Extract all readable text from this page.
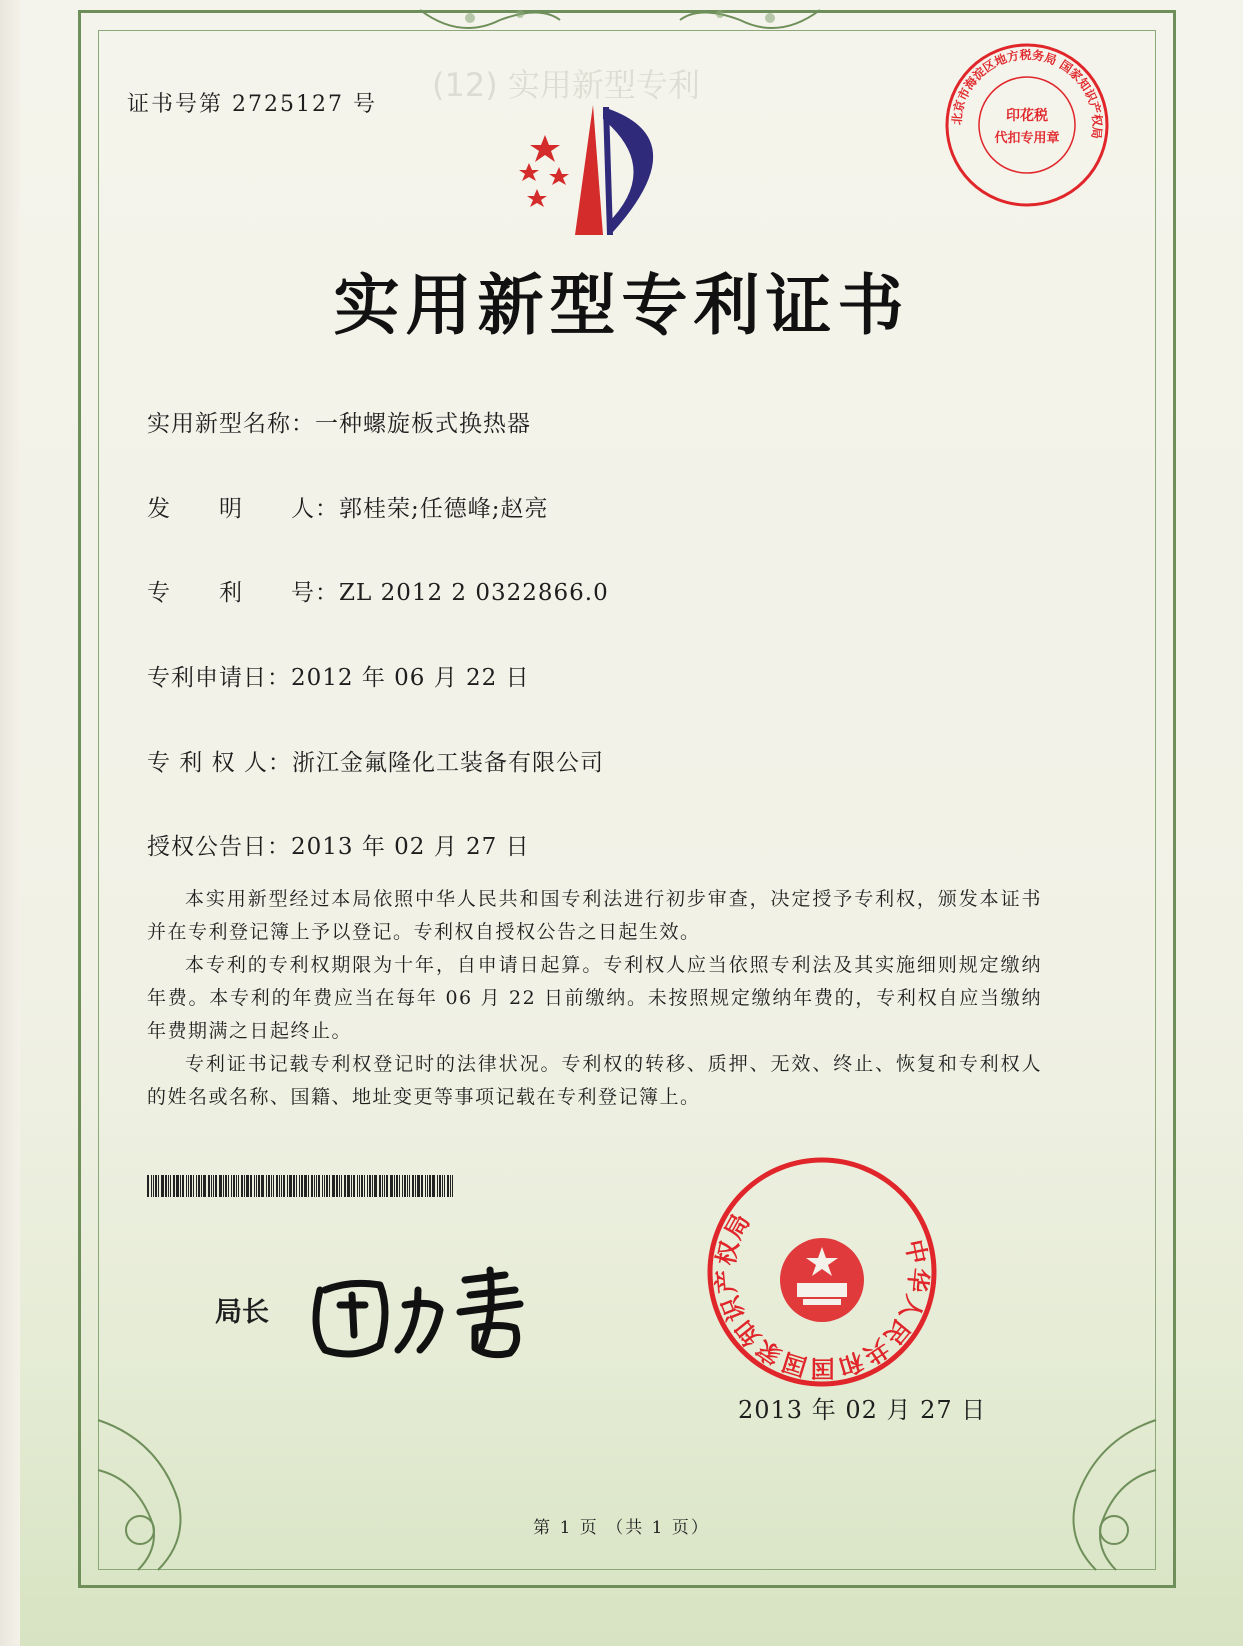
(12) 实用新型专利
证书号第 2725127 号
北京市海淀区地方税务局 国家知识产权局
印花税
代扣专用章
实用新型专利证书
实用新型名称：一种螺旋板式换热器
发　　明　　人：郭桂荣;任德峰;赵亮
专　　利　　号：ZL 2012 2 0322866.0
专利申请日：2012 年 06 月 22 日
专 利 权 人：浙江金氟隆化工装备有限公司
授权公告日：2013 年 02 月 27 日

本实用新型经过本局依照中华人民共和国专利法进行初步审查，决定授予专利权，颁发本证书并在专利登记簿上予以登记。专利权自授权公告之日起生效。

本专利的专利权期限为十年，自申请日起算。专利权人应当依照专利法及其实施细则规定缴纳年费。本专利的年费应当在每年 06 月 22 日前缴纳。未按照规定缴纳年费的，专利权自应当缴纳年费期满之日起终止。

专利证书记载专利权登记时的法律状况。专利权的转移、质押、无效、终止、恢复和专利权人的姓名或名称、国籍、地址变更等事项记载在专利登记簿上。

局长
中华人民共和国国家知识产权局
2013 年 02 月 27 日
第 1 页 （共 1 页）
